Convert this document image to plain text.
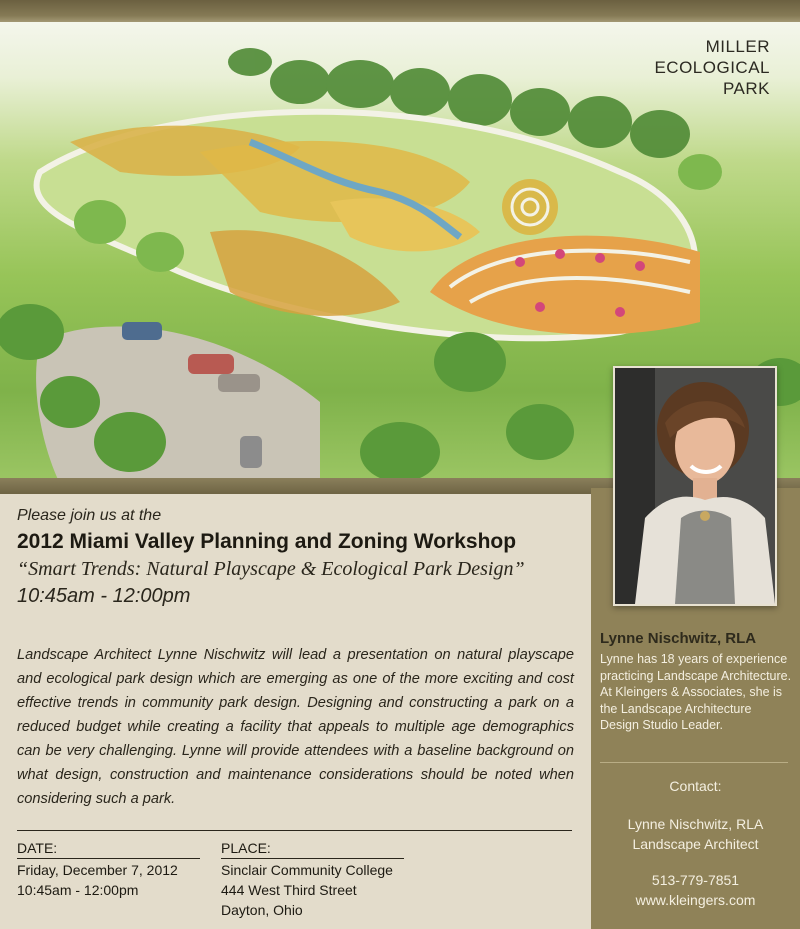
MILLER
ECOLOGICAL
PARK
Lynne Nischwitz, RLA
Lynne has 18 years of experience practicing Landscape Architecture. At Kleingers & Associates, she is the Landscape Architecture Design Studio Leader.
Contact:
Lynne Nischwitz, RLA
Landscape Architect
513-779-7851
www.kleingers.com
Please join us at the
2012 Miami Valley Planning and Zoning Workshop
“Smart Trends: Natural Playscape & Ecological Park Design”
10:45am - 12:00pm
Landscape Architect Lynne Nischwitz will lead a presentation on natural playscape and ecological park design which are emerging as one of the more exciting and cost effective trends in community park design. Designing and constructing a park on a reduced budget while creating a facility that appeals to multiple age demographics can be very challenging. Lynne will provide attendees with a baseline background on what design, construction and maintenance considerations should be noted when considering such a park.
DATE:
Friday, December 7, 2012
10:45am - 12:00pm
PLACE:
Sinclair Community College
444 West Third Street
Dayton, Ohio
